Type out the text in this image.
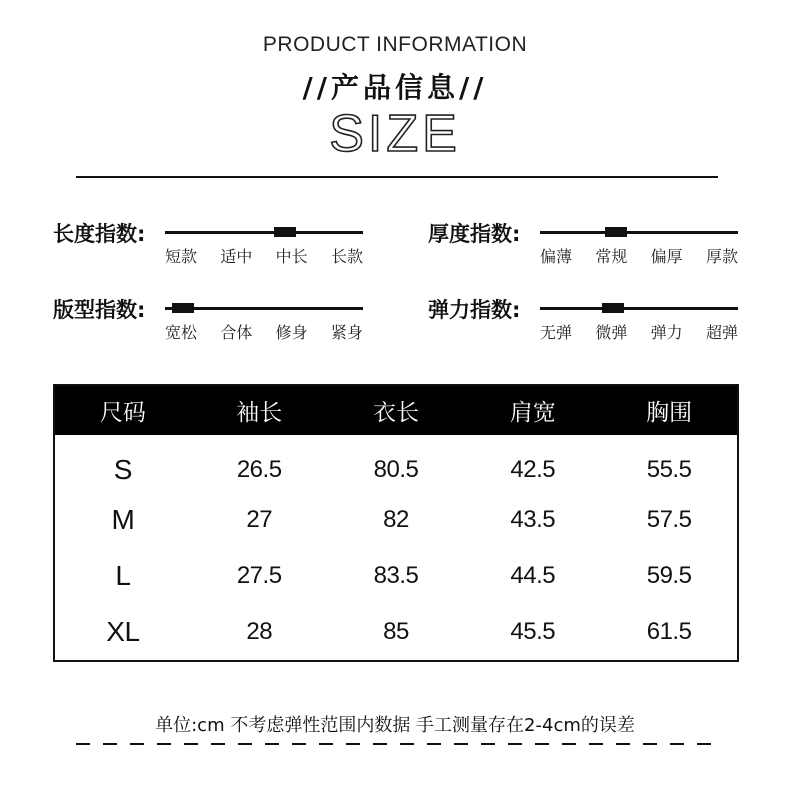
PRODUCT INFORMATION
//产品信息//
SIZE
长度指数:
短款 适中 中长 长款
厚度指数:
偏薄 常规 偏厚 厚款
版型指数:
宽松 合体 修身 紧身
弹力指数:
无弹 微弹 弹力 超弹
尺码	袖长	衣长	肩宽	胸围
S	26.5	80.5	42.5	55.5
M	27	82	43.5	57.5
L	27.5	83.5	44.5	59.5
XL	28	85	45.5	61.5
单位:cm 不考虑弹性范围内数据 手工测量存在2-4cm的误差
